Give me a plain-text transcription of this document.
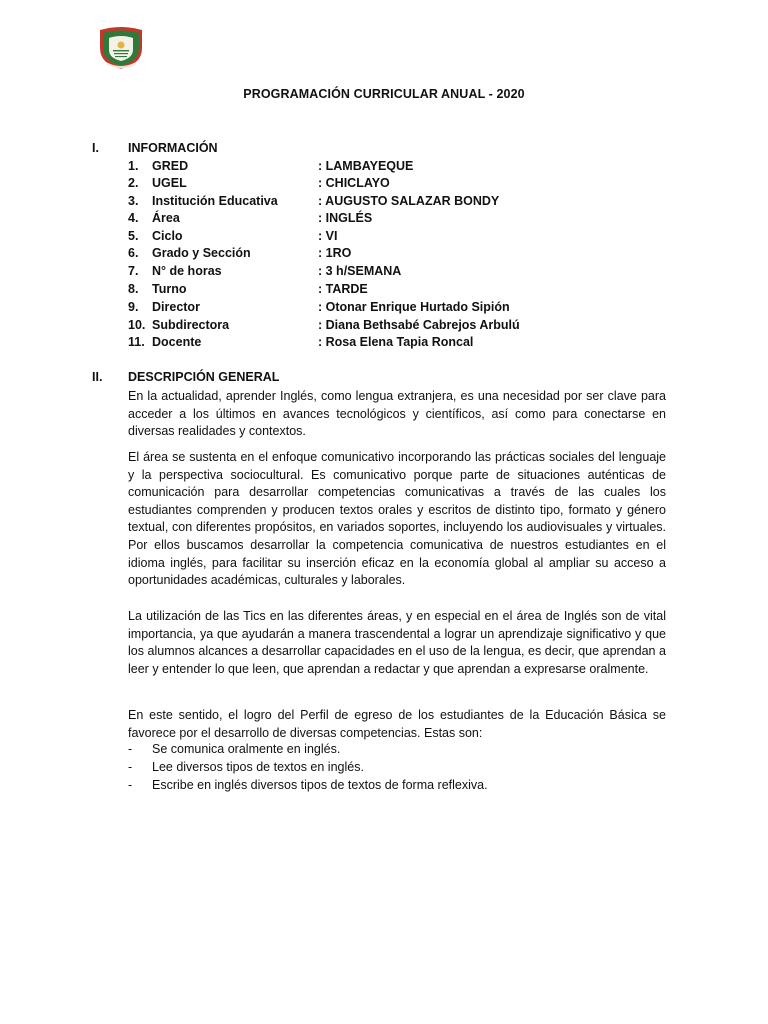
PROGRAMACIÓN CURRICULAR ANUAL - 2020
I. INFORMACIÓN
1. GRED	: LAMBAYEQUE
2. UGEL	: CHICLAYO
3. Institución Educativa	: AUGUSTO SALAZAR BONDY
4. Área	: INGLÉS
5. Ciclo	: VI
6. Grado y Sección	: 1RO
7. N° de horas	: 3 h/SEMANA
8. Turno	: TARDE
9. Director	: Otonar Enrique Hurtado Sipión
10. Subdirectora	: Diana Bethsabé Cabrejos Arbulú
11. Docente	: Rosa Elena Tapia Roncal
II. DESCRIPCIÓN GENERAL

En la actualidad, aprender Inglés, como lengua extranjera, es una necesidad por ser clave para acceder a los últimos en avances tecnológicos y científicos, así como para conectarse en diversas realidades y contextos.

El área se sustenta en el enfoque comunicativo incorporando las prácticas sociales del lenguaje y la perspectiva sociocultural. Es comunicativo porque parte de situaciones auténticas de comunicación para desarrollar competencias comunicativas a través de las cuales los estudiantes comprenden y producen textos orales y escritos de distinto tipo, formato y género textual, con diferentes propósitos, en variados soportes, incluyendo los audiovisuales y virtuales. Por ellos buscamos desarrollar la competencia comunicativa de nuestros estudiantes en el idioma inglés, para facilitar su inserción eficaz en la economía global al ampliar su acceso a oportunidades académicas, culturales y laborales.

La utilización de las Tics en las diferentes áreas, y en especial en el área de Inglés son de vital importancia, ya que ayudarán a manera trascendental a lograr un aprendizaje significativo y que los alumnos alcances a desarrollar capacidades en el uso de la lengua, es decir, que aprendan a leer y entender lo que leen, que aprendan a redactar y que aprendan a expresarse oralmente.

En este sentido, el logro del Perfil de egreso de los estudiantes de la Educación Básica se favorece por el desarrollo de diversas competencias. Estas son:

- Se comunica oralmente en inglés.
- Lee diversos tipos de textos en inglés.
- Escribe en inglés diversos tipos de textos de forma reflexiva.
